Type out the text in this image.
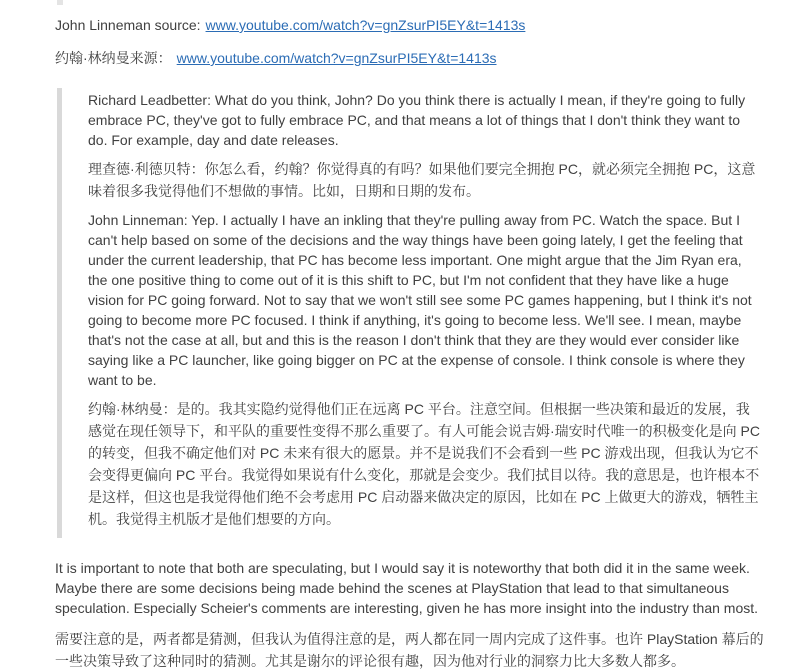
John Linneman source: www.youtube.com/watch?v=gnZsurPI5EY&t=1413s

约翰·林纳曼来源： www.youtube.com/watch?v=gnZsurPI5EY&t=1413s

Richard Leadbetter: What do you think, John? Do you think there is actually I mean, if they're going to fully embrace PC, they've got to fully embrace PC, and that means a lot of things that I don't think they want to do. For example, day and date releases.

理查德·利德贝特：你怎么看，约翰？你觉得真的有吗？如果他们要完全拥抱 PC，就必须完全拥抱 PC，这意味着很多我觉得他们不想做的事情。比如，日期和日期的发布。

John Linneman: Yep. I actually I have an inkling that they're pulling away from PC. Watch the space. But I can't help based on some of the decisions and the way things have been going lately, I get the feeling that under the current leadership, that PC has become less important. One might argue that the Jim Ryan era, the one positive thing to come out of it is this shift to PC, but I'm not confident that they have like a huge vision for PC going forward. Not to say that we won't still see some PC games happening, but I think it's not going to become more PC focused. I think if anything, it's going to become less. We'll see. I mean, maybe that's not the case at all, but and this is the reason I don't think that they are they would ever consider like saying like a PC launcher, like going bigger on PC at the expense of console. I think console is where they want to be.

约翰·林纳曼：是的。我其实隐约觉得他们正在远离 PC 平台。注意空间。但根据一些决策和最近的发展，我感觉在现任领导下，和平队的重要性变得不那么重要了。有人可能会说吉姆·瑞安时代唯一的积极变化是向 PC 的转变，但我不确定他们对 PC 未来有很大的愿景。并不是说我们不会看到一些 PC 游戏出现，但我认为它不会变得更偏向 PC 平台。我觉得如果说有什么变化，那就是会变少。我们拭目以待。我的意思是，也许根本不是这样，但这也是我觉得他们绝不会考虑用 PC 启动器来做决定的原因，比如在 PC 上做更大的游戏，牺牲主机。我觉得主机版才是他们想要的方向。

It is important to note that both are speculating, but I would say it is noteworthy that both did it in the same week. Maybe there are some decisions being made behind the scenes at PlayStation that lead to that simultaneous speculation. Especially Scheier's comments are interesting, given he has more insight into the industry than most.

需要注意的是，两者都是猜测，但我认为值得注意的是，两人都在同一周内完成了这件事。也许 PlayStation 幕后的一些决策导致了这种同时的猜测。尤其是谢尔的评论很有趣，因为他对行业的洞察力比大多数人都多。
